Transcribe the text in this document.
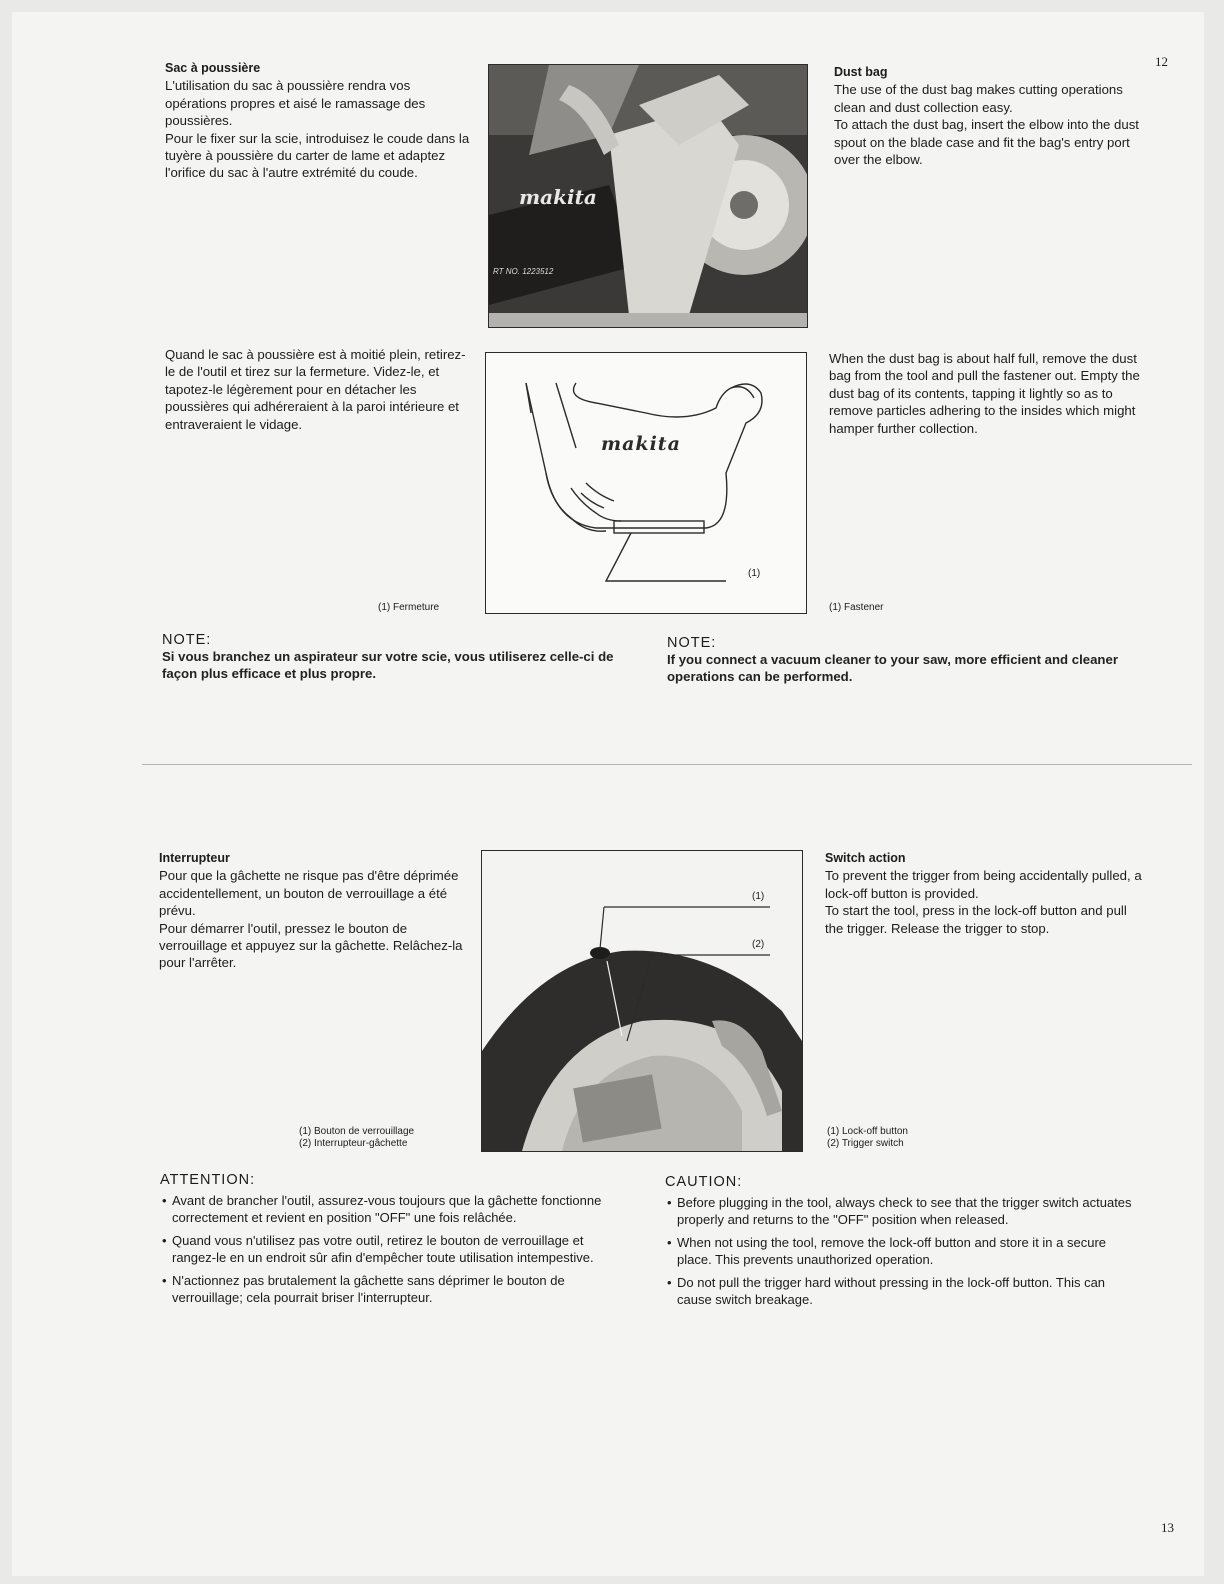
12
13
Sac à poussière
L'utilisation du sac à poussière rendra vos opérations propres et aisé le ramassage des poussières.
Pour le fixer sur la scie, introduisez le coude dans la tuyère à poussière du carter de lame et adaptez l'orifice du sac à l'autre extrémité du coude.
makita
RT NO. 1223512
Dust bag
The use of the dust bag makes cutting operations clean and dust collection easy.
To attach the dust bag, insert the elbow into the dust spout on the blade case and fit the bag's entry port over the elbow.
Quand le sac à poussière est à moitié plein, retirez-le de l'outil et tirez sur la fermeture. Videz-le, et tapotez-le légèrement pour en détacher les poussières qui adhéreraient à la paroi intérieure et entraveraient le vidage.
makita
(1)
(1) Fermeture
When the dust bag is about half full, remove the dust bag from the tool and pull the fastener out. Empty the dust bag of its contents, tapping it lightly so as to remove particles adhering to the insides which might hamper further collection.
(1) Fastener
NOTE:
Si vous branchez un aspirateur sur votre scie, vous utiliserez celle-ci de façon plus efficace et plus propre.
NOTE:
If you connect a vacuum cleaner to your saw, more efficient and cleaner operations can be performed.
Interrupteur
Pour que la gâchette ne risque pas d'être déprimée accidentellement, un bouton de verrouillage a été prévu.
Pour démarrer l'outil, pressez le bouton de verrouillage et appuyez sur la gâchette. Relâchez-la pour l'arrêter.
(1)
(2)
(1) Bouton de verrouillage
(2) Interrupteur-gâchette
Switch action
To prevent the trigger from being accidentally pulled, a lock-off button is provided.
To start the tool, press in the lock-off button and pull the trigger. Release the trigger to stop.
(1) Lock-off button
(2) Trigger switch
ATTENTION:
• Avant de brancher l'outil, assurez-vous toujours que la gâchette fonctionne correctement et revient en position "OFF" une fois relâchée.
• Quand vous n'utilisez pas votre outil, retirez le bouton de verrouillage et rangez-le en un endroit sûr afin d'empêcher toute utilisation intempestive.
• N'actionnez pas brutalement la gâchette sans déprimer le bouton de verrouillage; cela pourrait briser l'interrupteur.
CAUTION:
• Before plugging in the tool, always check to see that the trigger switch actuates properly and returns to the "OFF" position when released.
• When not using the tool, remove the lock-off button and store it in a secure place. This prevents unauthorized operation.
• Do not pull the trigger hard without pressing in the lock-off button. This can cause switch breakage.
